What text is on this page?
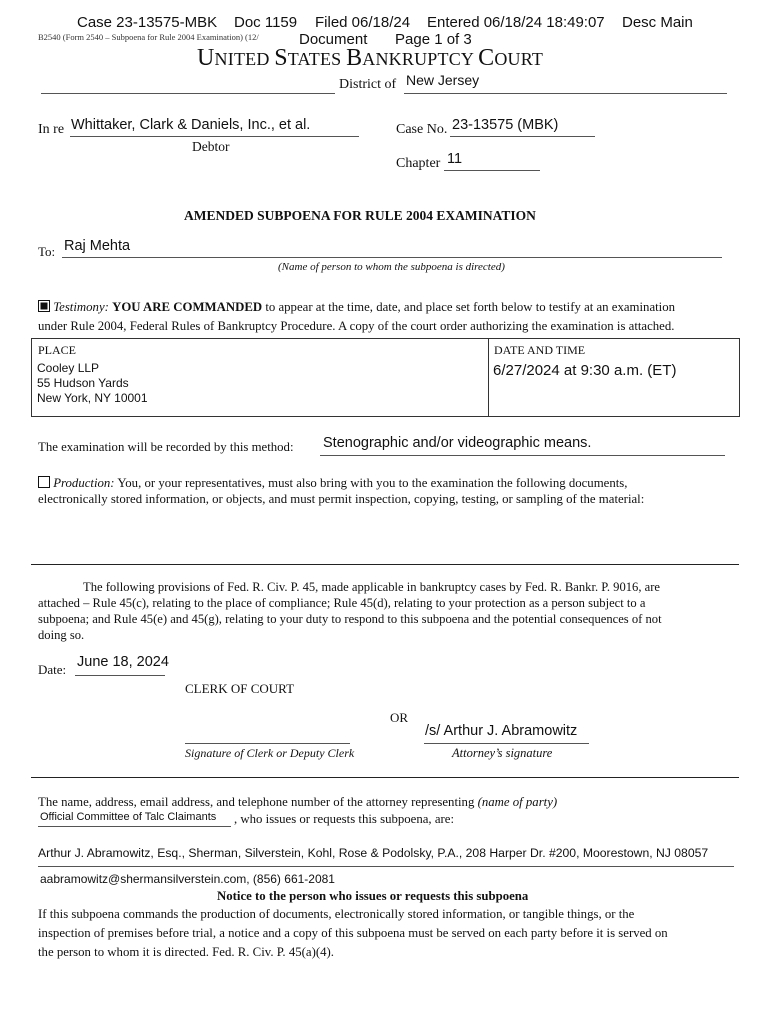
Case 23-13575-MBK Doc 1159 Filed 06/18/24 Entered 06/18/24 18:49:07 Desc Main
Document Page 1 of 3
B2540 (Form 2540 – Subpoena for Rule 2004 Examination) (12/
UNITED STATES BANKRUPTCY COURT
District of New Jersey
In re Whittaker, Clark & Daniels, Inc., et al.
Debtor
Case No. 23-13575 (MBK)
Chapter 11
AMENDED SUBPOENA FOR RULE 2004 EXAMINATION
To: Raj Mehta
(Name of person to whom the subpoena is directed)
Testimony: YOU ARE COMMANDED to appear at the time, date, and place set forth below to testify at an examination
under Rule 2004, Federal Rules of Bankruptcy Procedure. A copy of the court order authorizing the examination is attached.
PLACE	DATE AND TIME
Cooley LLP
55 Hudson Yards
New York, NY 10001
6/27/2024 at 9:30 a.m. (ET)
The examination will be recorded by this method: Stenographic and/or videographic means.
Production: You, or your representatives, must also bring with you to the examination the following documents,
electronically stored information, or objects, and must permit inspection, copying, testing, or sampling of the material:
The following provisions of Fed. R. Civ. P. 45, made applicable in bankruptcy cases by Fed. R. Bankr. P. 9016, are
attached – Rule 45(c), relating to the place of compliance; Rule 45(d), relating to your protection as a person subject to a
subpoena; and Rule 45(e) and 45(g), relating to your duty to respond to this subpoena and the potential consequences of not
doing so.
Date: June 18, 2024
CLERK OF COURT
OR
Signature of Clerk or Deputy Clerk
/s/ Arthur J. Abramowitz
Attorney’s signature
The name, address, email address, and telephone number of the attorney representing (name of party)
Official Committee of Talc Claimants , who issues or requests this subpoena, are:
Arthur J. Abramowitz, Esq., Sherman, Silverstein, Kohl, Rose & Podolsky, P.A., 208 Harper Dr. #200, Moorestown, NJ 08057
aabramowitz@shermansilverstein.com, (856) 661-2081
Notice to the person who issues or requests this subpoena
If this subpoena commands the production of documents, electronically stored information, or tangible things, or the
inspection of premises before trial, a notice and a copy of this subpoena must be served on each party before it is served on
the person to whom it is directed. Fed. R. Civ. P. 45(a)(4).
